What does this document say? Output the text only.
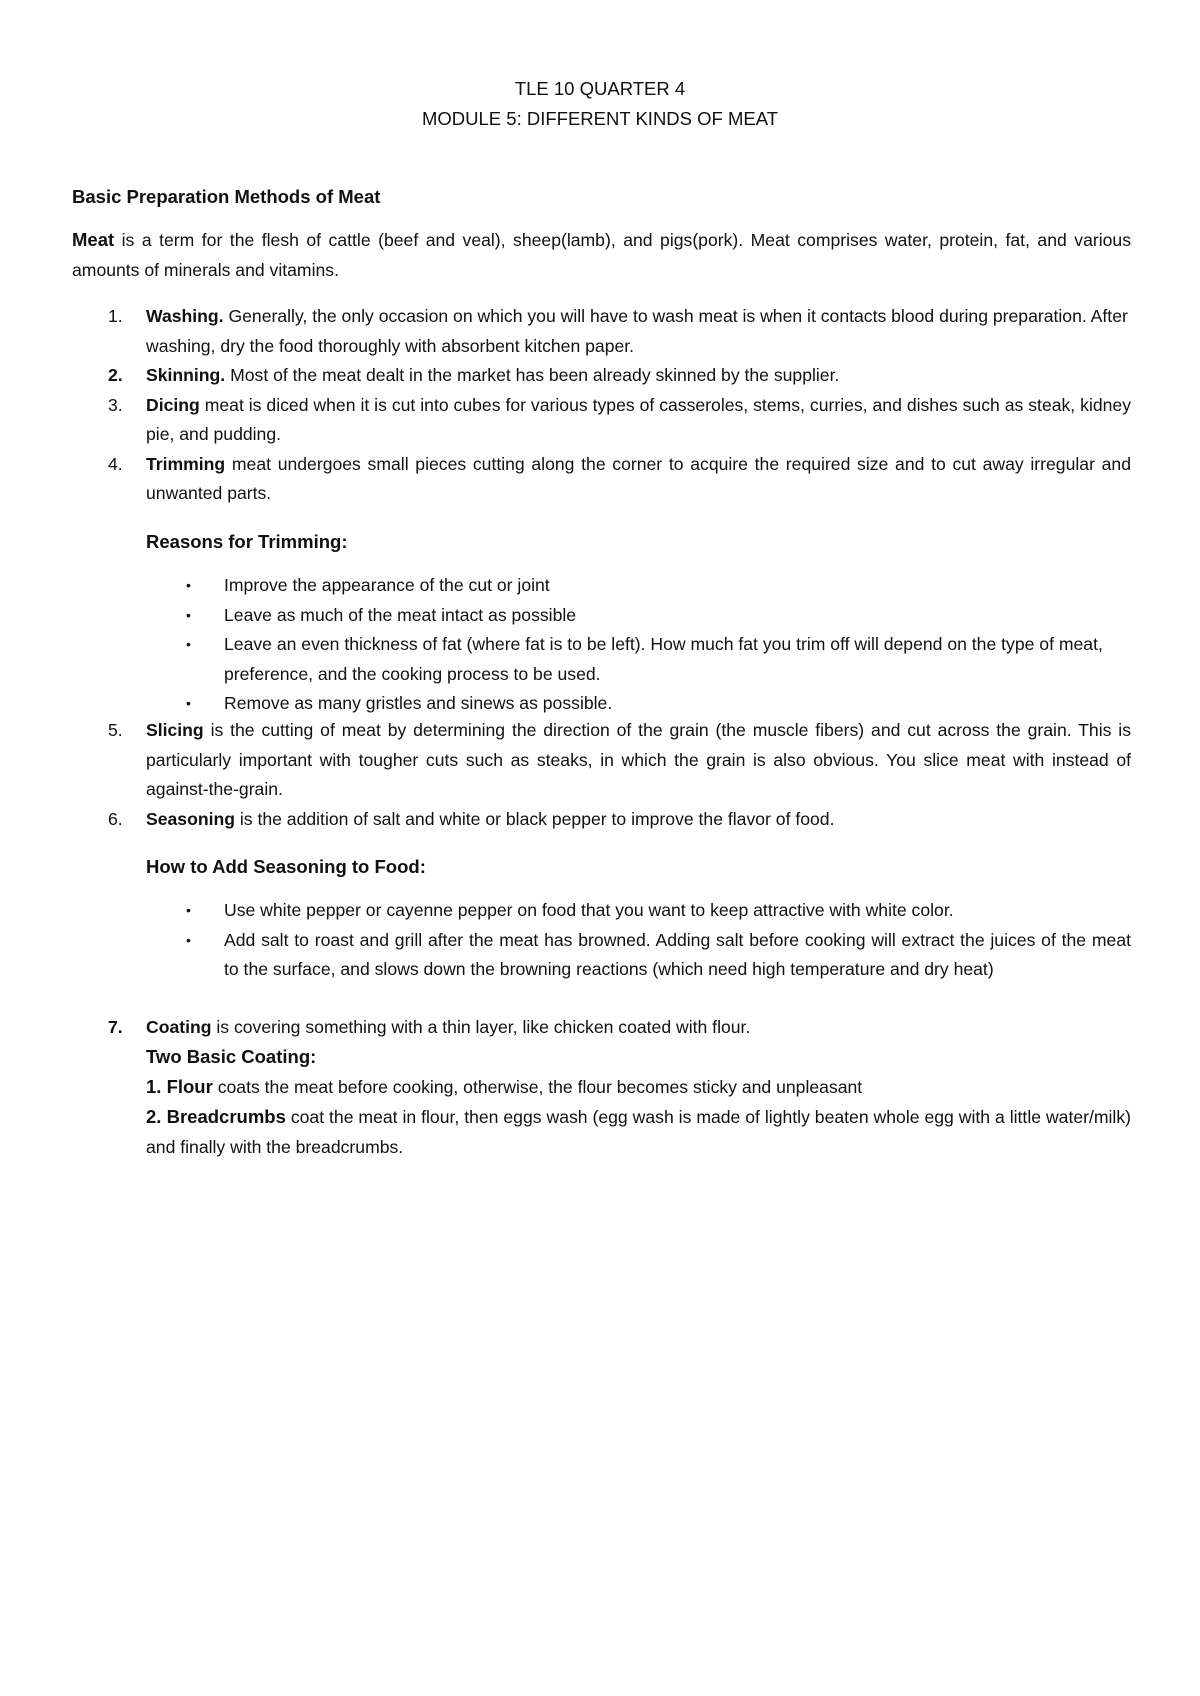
TLE 10 QUARTER 4
MODULE 5: DIFFERENT KINDS OF MEAT
Basic Preparation Methods of Meat
Meat is a term for the flesh of cattle (beef and veal), sheep(lamb), and pigs(pork). Meat comprises water, protein, fat, and various amounts of minerals and vitamins.
1.	Washing. Generally, the only occasion on which you will have to wash meat is when it contacts blood during preparation. After washing, dry the food thoroughly with absorbent kitchen paper.
2.	Skinning. Most of the meat dealt in the market has been already skinned by the supplier.
3.	Dicing meat is diced when it is cut into cubes for various types of casseroles, stems, curries, and dishes such as steak, kidney pie, and pudding.
4.	Trimming meat undergoes small pieces cutting along the corner to acquire the required size and to cut away irregular and unwanted parts.
Reasons for Trimming:
•	Improve the appearance of the cut or joint
•	Leave as much of the meat intact as possible
•	Leave an even thickness of fat (where fat is to be left). How much fat you trim off will depend on the type of meat, preference, and the cooking process to be used.
•	Remove as many gristles and sinews as possible.
5.	Slicing is the cutting of meat by determining the direction of the grain (the muscle fibers) and cut across the grain. This is particularly important with tougher cuts such as steaks, in which the grain is also obvious. You slice meat with instead of against-the-grain.
6.	Seasoning is the addition of salt and white or black pepper to improve the flavor of food.
How to Add Seasoning to Food:
•	Use white pepper or cayenne pepper on food that you want to keep attractive with white color.
•	Add salt to roast and grill after the meat has browned. Adding salt before cooking will extract the juices of the meat to the surface, and slows down the browning reactions (which need high temperature and dry heat)
7.	Coating is covering something with a thin layer, like chicken coated with flour.
Two Basic Coating:
1. Flour coats the meat before cooking, otherwise, the flour becomes sticky and unpleasant
2. Breadcrumbs coat the meat in flour, then eggs wash (egg wash is made of lightly beaten whole egg with a little water/milk) and finally with the breadcrumbs.
